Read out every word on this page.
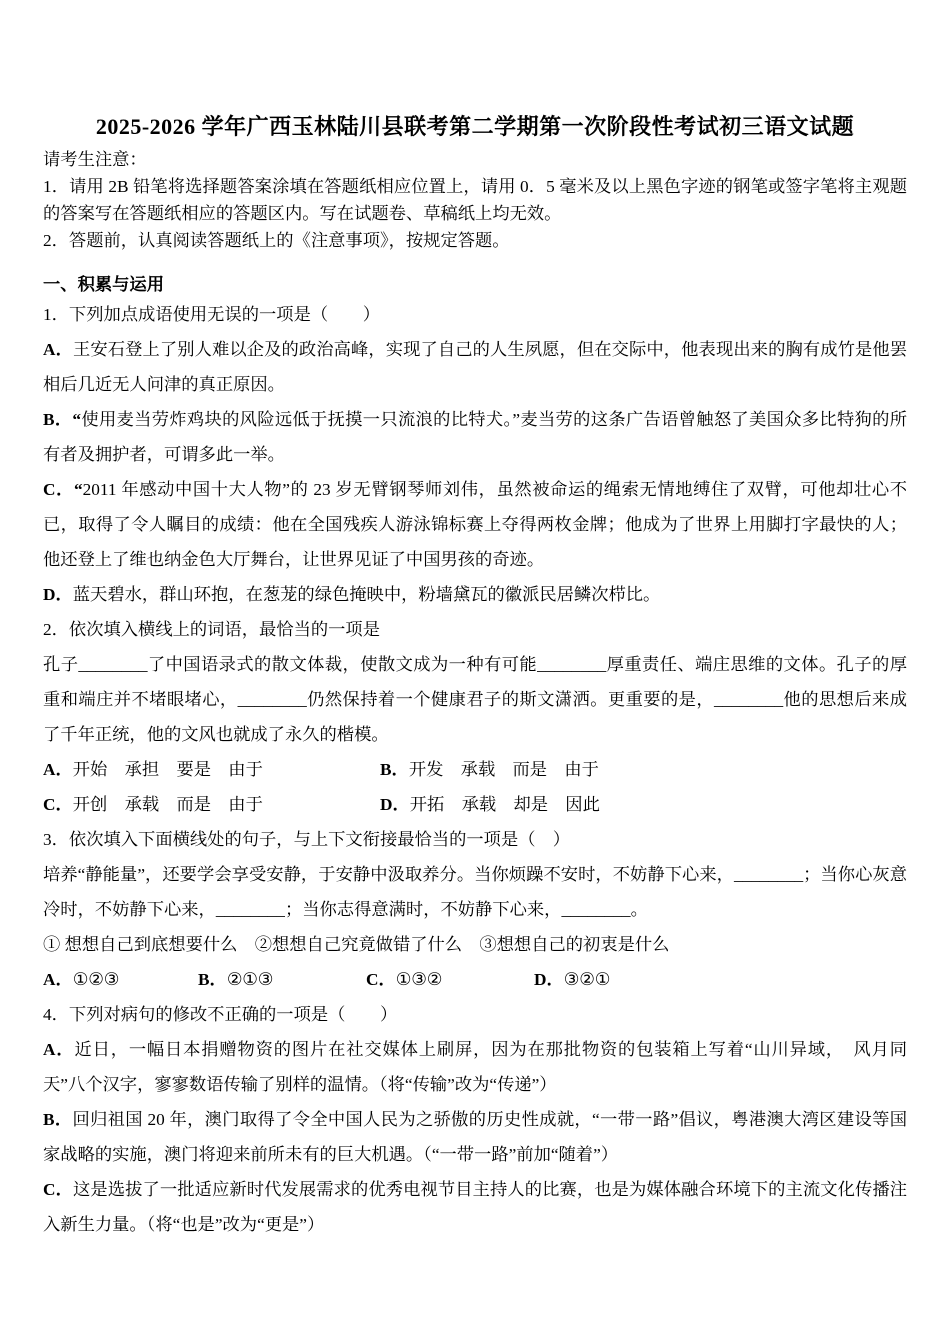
2025-2026 学年广西玉林陆川县联考第二学期第一次阶段性考试初三语文试题

请考生注意：

1．请用 2B 铅笔将选择题答案涂填在答题纸相应位置上，请用 0．5 毫米及以上黑色字迹的钢笔或签字笔将主观题的答案写在答题纸相应的答题区内。写在试题卷、草稿纸上均无效。

2．答题前，认真阅读答题纸上的《注意事项》，按规定答题。

一、积累与运用

1．下列加点成语使用无误的一项是（　　）

A．王安石登上了别人难以企及的政治高峰，实现了自己的人生夙愿，但在交际中，他表现出来的胸有成竹是他罢相后几近无人问津的真正原因。

B．“使用麦当劳炸鸡块的风险远低于抚摸一只流浪的比特犬。”麦当劳的这条广告语曾触怒了美国众多比特狗的所有者及拥护者，可谓多此一举。

C．“2011 年感动中国十大人物”的 23 岁无臂钢琴师刘伟，虽然被命运的绳索无情地缚住了双臂，可他却壮心不已，取得了令人瞩目的成绩：他在全国残疾人游泳锦标赛上夺得两枚金牌；他成为了世界上用脚打字最快的人；他还登上了维也纳金色大厅舞台，让世界见证了中国男孩的奇迹。

D．蓝天碧水，群山环抱，在葱茏的绿色掩映中，粉墙黛瓦的徽派民居鳞次栉比。

2．依次填入横线上的词语，最恰当的一项是

孔子________了中国语录式的散文体裁，使散文成为一种有可能________厚重责任、端庄思维的文体。孔子的厚重和端庄并不堵眼堵心，________仍然保持着一个健康君子的斯文潇洒。更重要的是，________他的思想后来成了千年正统，他的文风也就成了永久的楷模。

A．开始　承担　要是　由于	B．开发　承载　而是　由于
C．开创　承载　而是　由于	D．开拓　承载　却是　因此

3．依次填入下面横线处的句子，与上下文衔接最恰当的一项是（　）

培养“静能量”，还要学会享受安静，于安静中汲取养分。当你烦躁不安时，不妨静下心来，________；当你心灰意冷时，不妨静下心来，________；当你志得意满时，不妨静下心来，________。

① 想想自己到底想要什么　②想想自己究竟做错了什么　③想想自己的初衷是什么

A．①②③	B．②①③	C．①③②	D．③②①

4．下列对病句的修改不正确的一项是（　　）

A．近日，一幅日本捐赠物资的图片在社交媒体上刷屏，因为在那批物资的包装箱上写着“山川异域，　风月同天”八个汉字，寥寥数语传输了别样的温情。（将“传输”改为“传递”）

B．回归祖国 20 年，澳门取得了令全中国人民为之骄傲的历史性成就，“一带一路”倡议，粤港澳大湾区建设等国家战略的实施，澳门将迎来前所未有的巨大机遇。（“一带一路”前加“随着”）

C．这是选拔了一批适应新时代发展需求的优秀电视节目主持人的比赛，也是为媒体融合环境下的主流文化传播注入新生力量。（将“也是”改为“更是”）
